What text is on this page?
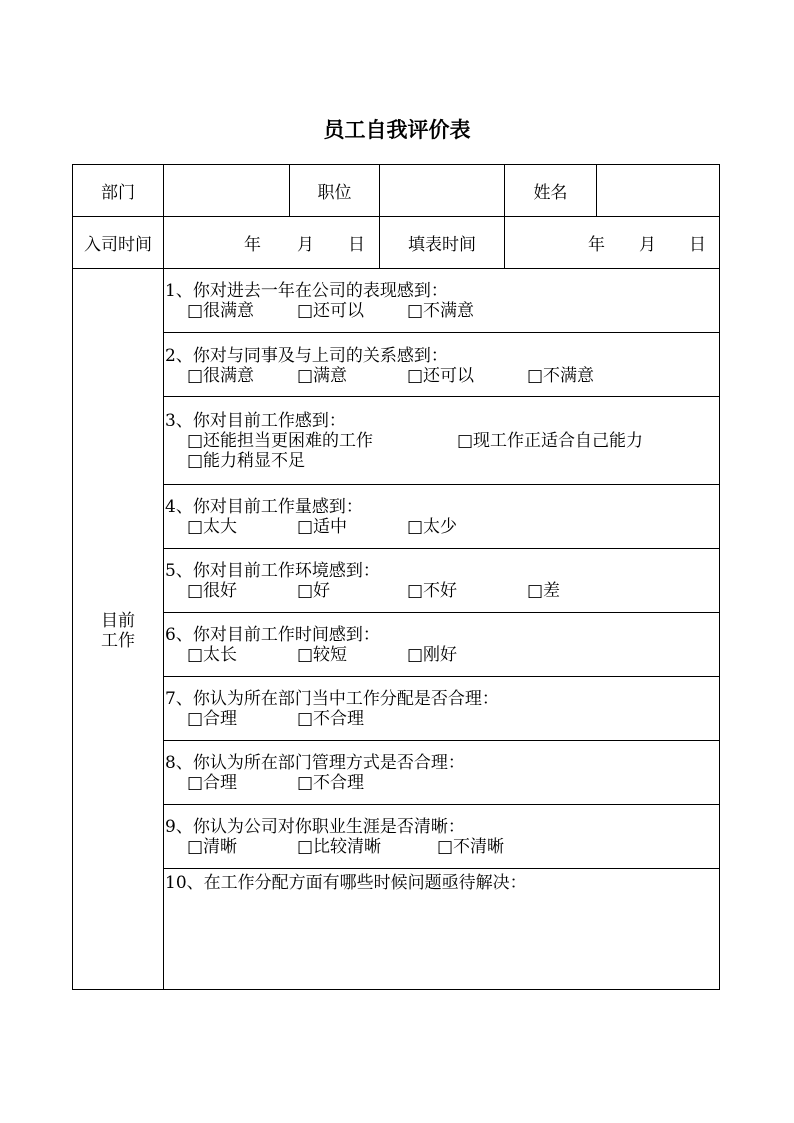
员工自我评价表
部门	职位	姓名
入司时间	年 月 日	填表时间	年 月 日
目前
工作
1、你对进去一年在公司的表现感到：
□很满意	□还可以	□不满意
2、你对与同事及与上司的关系感到：
□很满意	□满意	□还可以	□不满意
3、你对目前工作感到：
□还能担当更困难的工作	□现工作正适合自己能力
□能力稍显不足
4、你对目前工作量感到：
□太大	□适中	□太少
5、你对目前工作环境感到：
□很好	□好	□不好	□差
6、你对目前工作时间感到：
□太长	□较短	□刚好
7、你认为所在部门当中工作分配是否合理：
□合理	□不合理
8、你认为所在部门管理方式是否合理：
□合理	□不合理
9、你认为公司对你职业生涯是否清晰：
□清晰	□比较清晰	□不清晰
10、在工作分配方面有哪些时候问题亟待解决：
